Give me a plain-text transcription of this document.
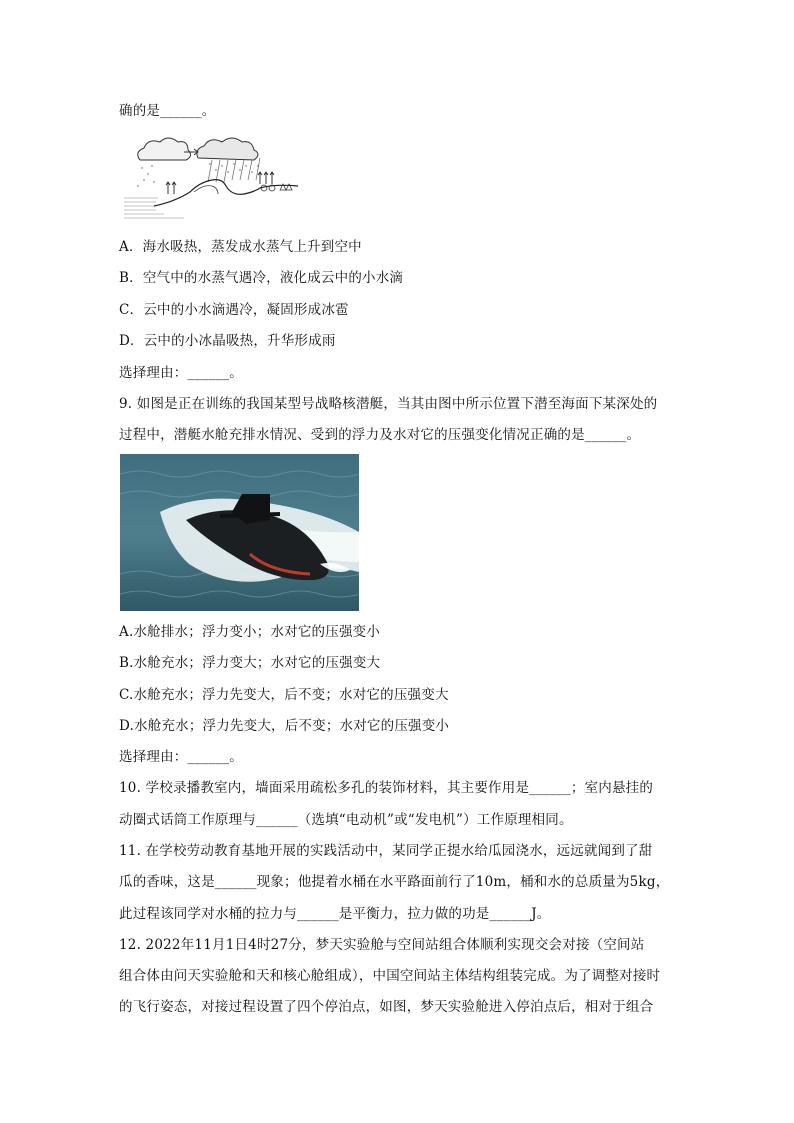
确的是______。
A．海水吸热，蒸发成水蒸气上升到空中
B．空气中的水蒸气遇冷，液化成云中的小水滴
C．云中的小水滴遇冷，凝固形成冰雹
D．云中的小冰晶吸热，升华形成雨
选择理由：______。
9. 如图是正在训练的我国某型号战略核潜艇，当其由图中所示位置下潜至海面下某深处的
过程中，潜艇水舱充排水情况、受到的浮力及水对它的压强变化情况正确的是______。
A.水舱排水；浮力变小；水对它的压强变小
B.水舱充水；浮力变大；水对它的压强变大
C.水舱充水；浮力先变大，后不变；水对它的压强变大
D.水舱充水；浮力先变大，后不变；水对它的压强变小
选择理由：______。
10. 学校录播教室内，墙面采用疏松多孔的装饰材料，其主要作用是______；室内悬挂的
动圈式话筒工作原理与______（选填“电动机”或“发电机”）工作原理相同。
11. 在学校劳动教育基地开展的实践活动中，某同学正提水给瓜园浇水，远远就闻到了甜
瓜的香味，这是______现象；他提着水桶在水平路面前行了10m，桶和水的总质量为5kg，
此过程该同学对水桶的拉力与______是平衡力，拉力做的功是______J。
12. 2022年11月1日4时27分，梦天实验舱与空间站组合体顺利实现交会对接（空间站
组合体由问天实验舱和天和核心舱组成），中国空间站主体结构组装完成。为了调整对接时
的飞行姿态，对接过程设置了四个停泊点，如图，梦天实验舱进入停泊点后，相对于组合
